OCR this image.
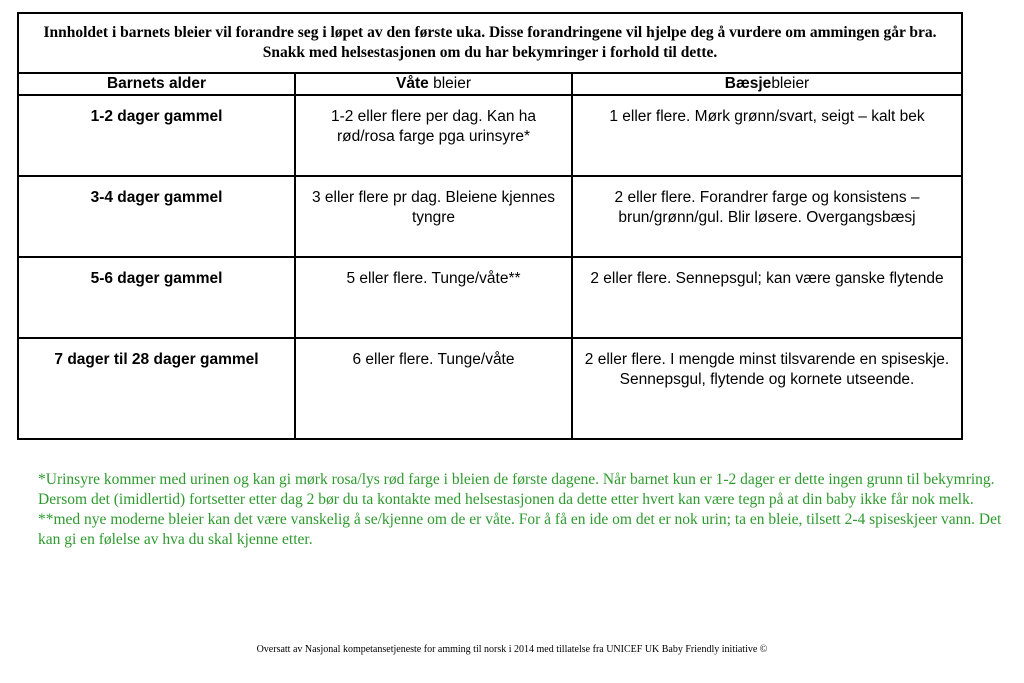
Innholdet i barnets bleier vil forandre seg i løpet av den første uka. Disse forandringene vil hjelpe deg å vurdere om ammingen går bra. Snakk med helsestasjonen om du har bekymringer i forhold til dette.		
Barnets alder	Våte bleier	Bæsjebleier
1-2 dager gammel	1-2 eller flere per dag. Kan ha rød/rosa farge pga urinsyre*	1 eller flere. Mørk grønn/svart, seigt – kalt bek
3-4 dager gammel	3 eller flere pr dag. Bleiene kjennes tyngre	2 eller flere. Forandrer farge og konsistens – brun/grønn/gul. Blir løsere. Overgangsbæsj
5-6 dager gammel	5 eller flere. Tunge/våte**	2 eller flere. Sennepsgul; kan være ganske flytende
7 dager til 28 dager gammel	6 eller flere. Tunge/våte	2 eller flere. I mengde minst tilsvarende en spiseskje. Sennepsgul, flytende og kornete utseende.

*Urinsyre kommer med urinen og kan gi mørk rosa/lys rød farge i bleien de første dagene. Når barnet kun er 1-2 dager er dette ingen grunn til bekymring. Dersom det (imidlertid) fortsetter etter dag 2 bør du ta kontakte med helsestasjonen da dette etter hvert kan være tegn på at din baby ikke får nok melk.

**med nye moderne bleier kan det være vanskelig å se/kjenne om de er våte. For å få en ide om det er nok urin; ta en bleie, tilsett 2-4 spiseskjeer vann. Det kan gi en følelse av hva du skal kjenne etter.

Oversatt av Nasjonal kompetansetjeneste for amming til norsk i 2014 med tillatelse fra UNICEF UK Baby Friendly initiative ©
